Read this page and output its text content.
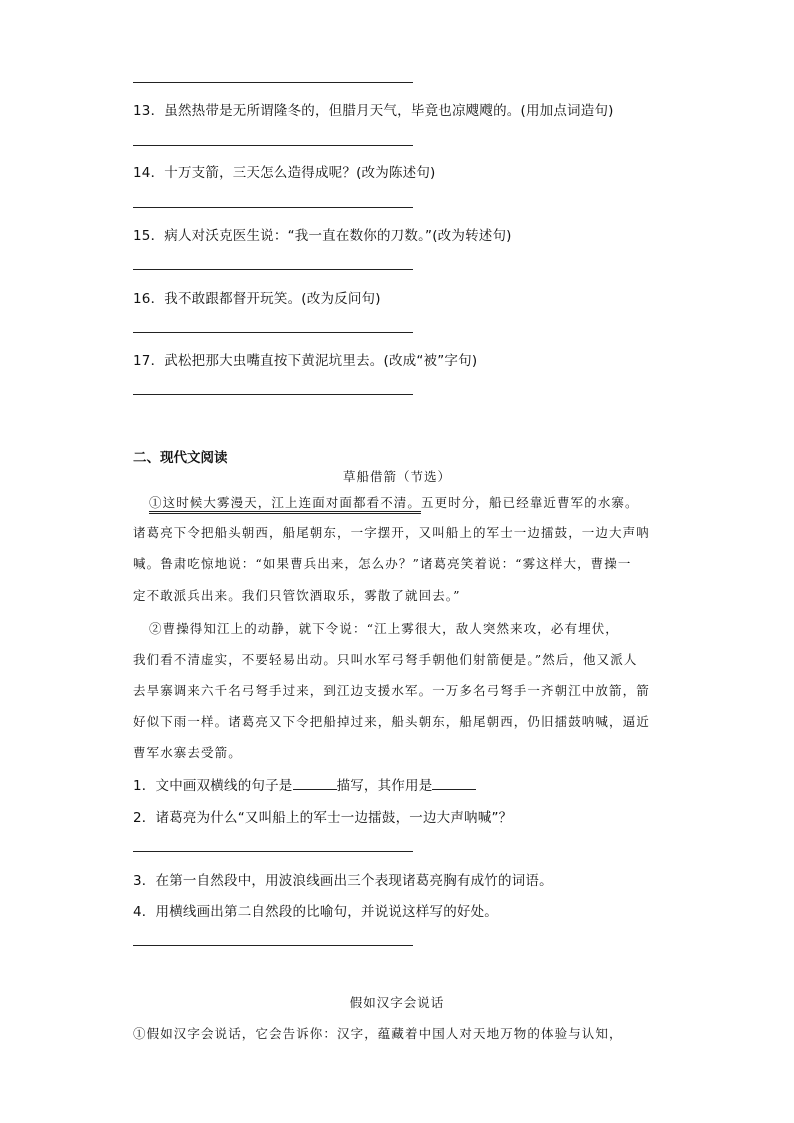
13．虽然热带是无所谓隆冬的，但腊月天气，毕竟也凉飕飕的。(用加点词造句)
14．十万支箭，三天怎么造得成呢？(改为陈述句)
15．病人对沃克医生说：“我一直在数你的刀数。”(改为转述句)
16．我不敢跟都督开玩笑。(改为反问句)
17．武松把那大虫嘴直按下黄泥坑里去。(改成“被”字句)
二、现代文阅读
草船借箭（节选）
①这时候大雾漫天，江上连面对面都看不清。五更时分，船已经靠近曹军的水寨。
诸葛亮下令把船头朝西，船尾朝东，一字摆开，又叫船上的军士一边擂鼓，一边大声呐
喊。鲁肃吃惊地说：“如果曹兵出来，怎么办？”诸葛亮笑着说：“雾这样大，曹操一
定不敢派兵出来。我们只管饮酒取乐，雾散了就回去。”
②曹操得知江上的动静，就下令说：“江上雾很大，敌人突然来攻，必有埋伏，
我们看不清虚实，不要轻易出动。只叫水军弓弩手朝他们射箭便是。”然后，他又派人
去旱寨调来六千名弓弩手过来，到江边支援水军。一万多名弓弩手一齐朝江中放箭，箭
好似下雨一样。诸葛亮又下令把船掉过来，船头朝东，船尾朝西，仍旧擂鼓呐喊，逼近
曹军水寨去受箭。
1．文中画双横线的句子是	描写，其作用是
2．诸葛亮为什么“又叫船上的军士一边擂鼓，一边大声呐喊”？
3．在第一自然段中，用波浪线画出三个表现诸葛亮胸有成竹的词语。
4．用横线画出第二自然段的比喻句，并说说这样写的好处。
假如汉字会说话
①假如汉字会说话，它会告诉你：汉字，蕴藏着中国人对天地万物的体验与认知，
